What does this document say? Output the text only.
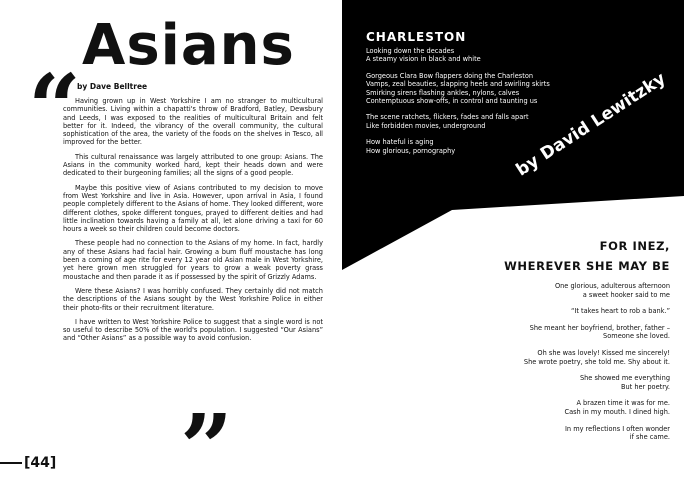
Asians
“
by Dave Belltree

Having grown up in West Yorkshire I am no stranger to multicultural communities. Living within a chapatti's throw of Bradford, Batley, Dewsbury and Leeds, I was exposed to the realities of multicultural Britain and felt better for it. Indeed, the vibrancy of the overall community, the cultural sophistication of the area, the variety of the foods on the shelves in Tesco, all improved for the better.

This cultural renaissance was largely attributed to one group: Asians. The Asians in the community worked hard, kept their heads down and were dedicated to their burgeoning families; all the signs of a good people.

Maybe this positive view of Asians contributed to my decision to move from West Yorkshire and live in Asia. However, upon arrival in Asia, I found people completely different to the Asians of home. They looked different, wore different clothes, spoke different tongues, prayed to different deities and had little inclination towards having a family at all, let alone driving a taxi for 60 hours a week so their children could become doctors.

These people had no connection to the Asians of my home. In fact, hardly any of these Asians had facial hair. Growing a bum fluff moustache has long been a coming of age rite for every 12 year old Asian male in West Yorkshire, yet here grown men struggled for years to grow a weak poverty grass moustache and then parade it as if possessed by the spirit of Grizzly Adams.

Were these Asians? I was horribly confused. They certainly did not match the descriptions of the Asians sought by the West Yorkshire Police in either their photo-fits or their recruitment literature.

I have written to West Yorkshire Police to suggest that a single word is not so useful to describe 50% of the world's population. I suggested “Our Asians” and “Other Asians” as a possible way to avoid confusion.

”
[44]
CHARLESTON
Looking down the decades
A steamy vision in black and white
Gorgeous Clara Bow flappers doing the Charleston
Vamps, zeal beauties, slapping heels and swirling skirts
Smirking sirens flashing ankles, nylons, calves
Contemptuous show-offs, in control and taunting us
The scene ratchets, flickers, fades and falls apart
Like forbidden movies, underground
How hateful is aging
How glorious, pornography	by David Lewitzky
FOR INEZ,
WHEREVER SHE MAY BE
One glorious, adulterous afternoon
a sweet hooker said to me
“It takes heart to rob a bank.”
She meant her boyfriend, brother, father –
Someone she loved.
Oh she was lovely! Kissed me sincerely!
She wrote poetry, she told me. Shy about it.
She showed me everything
But her poetry.
A brazen time it was for me.
Cash in my mouth. I dined high.
In my reflections I often wonder
if she came.
